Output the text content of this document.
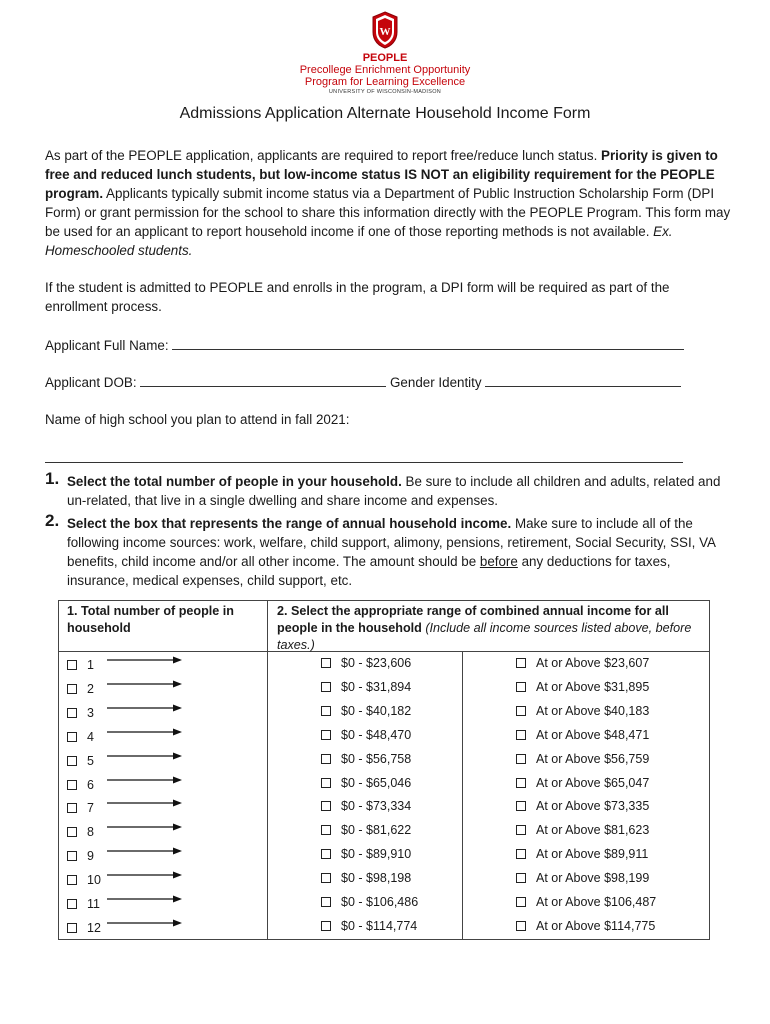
W
PEOPLE
Precollege Enrichment Opportunity
Program for Learning Excellence
UNIVERSITY OF WISCONSIN-MADISON
Admissions Application Alternate Household Income Form

As part of the PEOPLE application, applicants are required to report free/reduce lunch status. Priority is given to free and reduced lunch students, but low-income status IS NOT an eligibility requirement for the PEOPLE program. Applicants typically submit income status via a Department of Public Instruction Scholarship Form (DPI Form) or grant permission for the school to share this information directly with the PEOPLE Program. This form may be used for an applicant to report household income if one of those reporting methods is not available. Ex. Homeschooled students.

If the student is admitted to PEOPLE and enrolls in the program, a DPI form will be required as part of the enrollment process.

Applicant Full Name:
Applicant DOB:	Gender Identity
Name of high school you plan to attend in fall 2021:
1. Select the total number of people in your household. Be sure to include all children and adults, related and un-related, that live in a single dwelling and share income and expenses.
2. Select the box that represents the range of annual household income. Make sure to include all of the following income sources: work, welfare, child support, alimony, pensions, retirement, Social Security, SSI, VA benefits, child income and/or all other income. The amount should be before any deductions for taxes, insurance, medical expenses, child support, etc.
1. Total number of people in household
2. Select the appropriate range of combined annual income for all people in the household (Include all income sources listed above, before taxes.)
1	$0 - $23,606	At or Above $23,607
2	$0 - $31,894	At or Above $31,895
3	$0 - $40,182	At or Above $40,183
4	$0 - $48,470	At or Above $48,471
5	$0 - $56,758	At or Above $56,759
6	$0 - $65,046	At or Above $65,047
7	$0 - $73,334	At or Above $73,335
8	$0 - $81,622	At or Above $81,623
9	$0 - $89,910	At or Above $89,911
10	$0 - $98,198	At or Above $98,199
11	$0 - $106,486	At or Above $106,487
12	$0 - $114,774	At or Above $114,775
